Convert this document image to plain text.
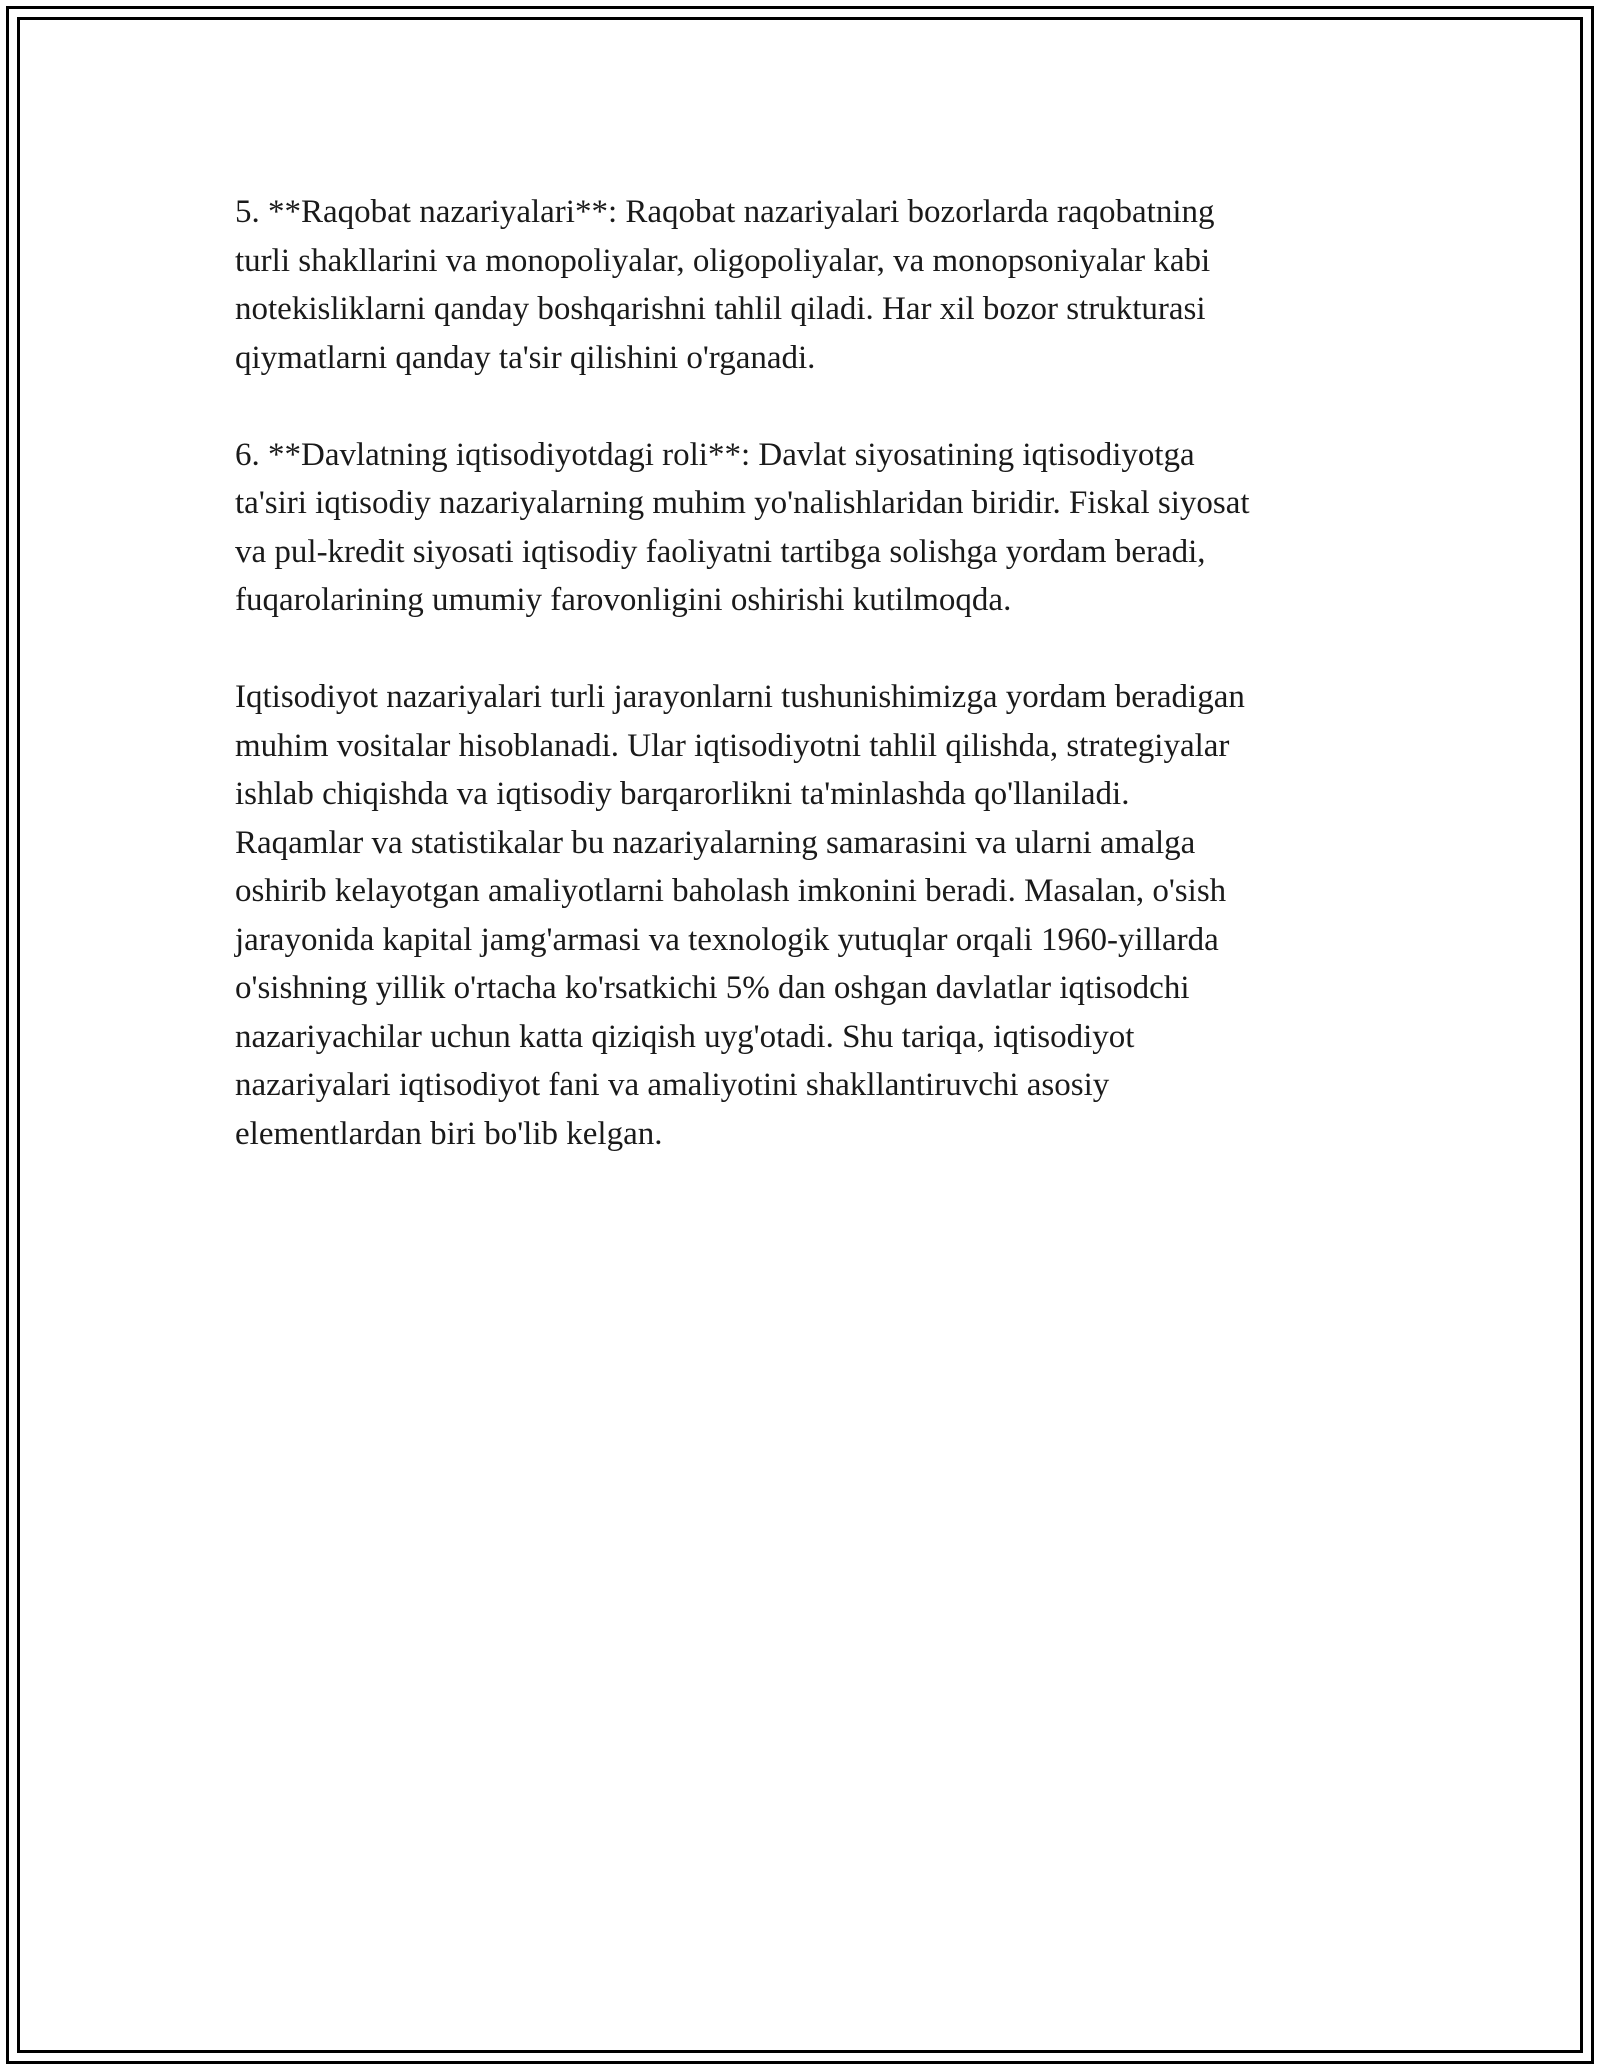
5. **Raqobat nazariyalari**: Raqobat nazariyalari bozorlarda raqobatning
turli shakllarini va monopoliyalar, oligopoliyalar, va monopsoniyalar kabi
notekisliklarni qanday boshqarishni tahlil qiladi. Har xil bozor strukturasi
qiymatlarni qanday ta'sir qilishini o'rganadi.

6. **Davlatning iqtisodiyotdagi roli**: Davlat siyosatining iqtisodiyotga
ta'siri iqtisodiy nazariyalarning muhim yo'nalishlaridan biridir. Fiskal siyosat
va pul-kredit siyosati iqtisodiy faoliyatni tartibga solishga yordam beradi,
fuqarolarining umumiy farovonligini oshirishi kutilmoqda.

Iqtisodiyot nazariyalari turli jarayonlarni tushunishimizga yordam beradigan
muhim vositalar hisoblanadi. Ular iqtisodiyotni tahlil qilishda, strategiyalar
ishlab chiqishda va iqtisodiy barqarorlikni ta'minlashda qo'llaniladi.
Raqamlar va statistikalar bu nazariyalarning samarasini va ularni amalga
oshirib kelayotgan amaliyotlarni baholash imkonini beradi. Masalan, o'sish
jarayonida kapital jamg'armasi va texnologik yutuqlar orqali 1960-yillarda
o'sishning yillik o'rtacha ko'rsatkichi 5% dan oshgan davlatlar iqtisodchi
nazariyachilar uchun katta qiziqish uyg'otadi. Shu tariqa, iqtisodiyot
nazariyalari iqtisodiyot fani va amaliyotini shakllantiruvchi asosiy
elementlardan biri bo'lib kelgan.
